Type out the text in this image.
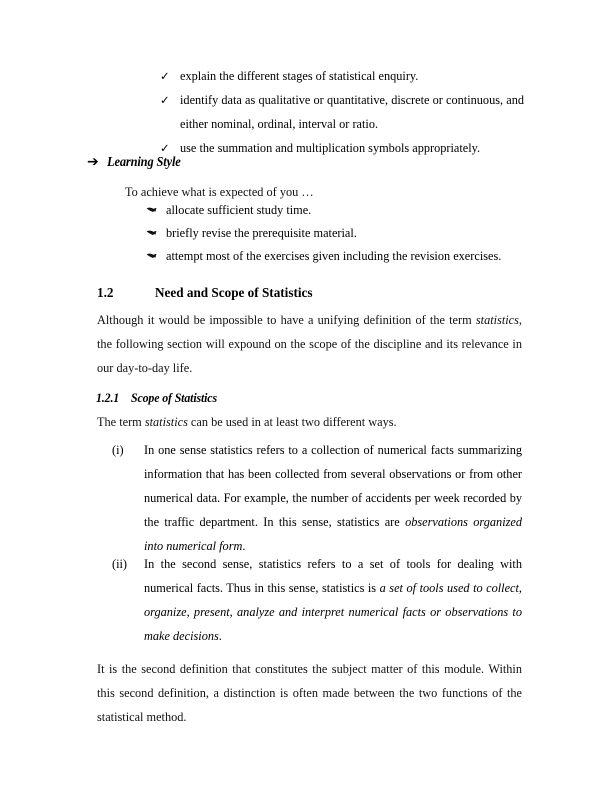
✓ explain the different stages of statistical enquiry.
✓ identify data as qualitative or quantitative, discrete or continuous, and either nominal, ordinal, interval or ratio.
✓ use the summation and multiplication symbols appropriately.
➔ Learning Style
To achieve what is expected of you …
allocate sufficient study time.
briefly revise the prerequisite material.
attempt most of the exercises given including the revision exercises.
1.2	Need and Scope of Statistics
Although it would be impossible to have a unifying definition of the term statistics, the following section will expound on the scope of the discipline and its relevance in our day-to-day life.
1.2.1 Scope of Statistics
The term statistics can be used in at least two different ways.
(i)	In one sense statistics refers to a collection of numerical facts summarizing information that has been collected from several observations or from other numerical data. For example, the number of accidents per week recorded by the traffic department. In this sense, statistics are observations organized into numerical form.
(ii)	In the second sense, statistics refers to a set of tools for dealing with numerical facts. Thus in this sense, statistics is a set of tools used to collect, organize, present, analyze and interpret numerical facts or observations to make decisions.
It is the second definition that constitutes the subject matter of this module. Within this second definition, a distinction is often made between the two functions of the statistical method.
